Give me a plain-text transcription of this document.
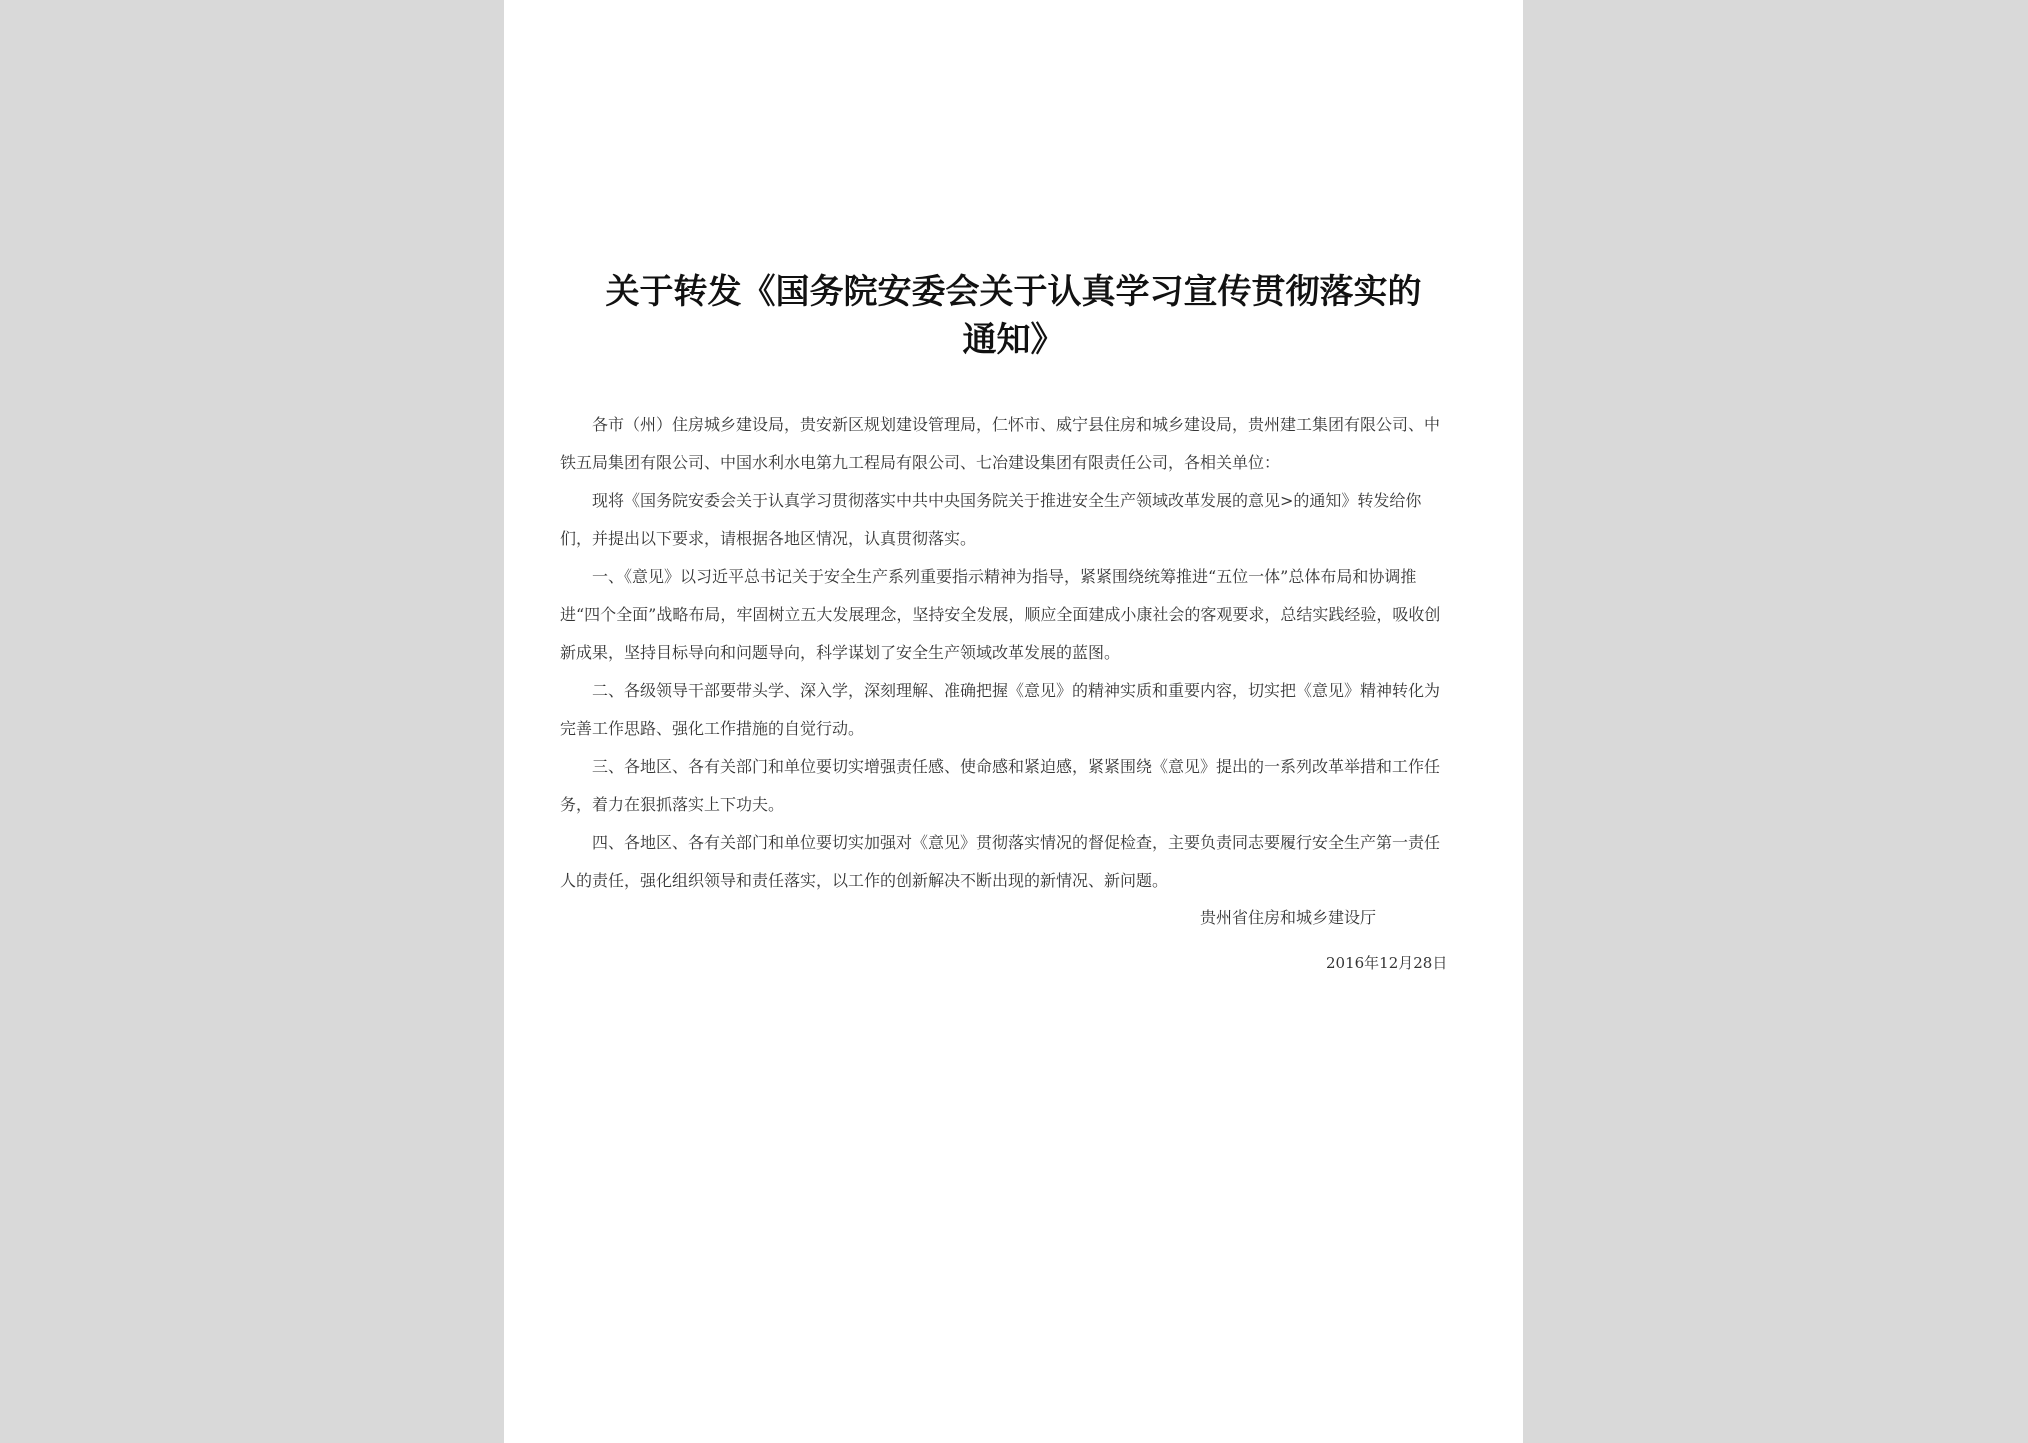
关于转发《国务院安委会关于认真学习宣传贯彻落实的
通知》

各市（州）住房城乡建设局，贵安新区规划建设管理局，仁怀市、威宁县住房和城乡建设局，贵州建工集团有限公司、中

铁五局集团有限公司、中国水利水电第九工程局有限公司、七冶建设集团有限责任公司，各相关单位：

现将《国务院安委会关于认真学习贯彻落实中共中央国务院关于推进安全生产领域改革发展的意见>的通知》转发给你

们，并提出以下要求，请根据各地区情况，认真贯彻落实。

一、《意见》以习近平总书记关于安全生产系列重要指示精神为指导，紧紧围绕统筹推进“五位一体”总体布局和协调推

进“四个全面”战略布局，牢固树立五大发展理念，坚持安全发展，顺应全面建成小康社会的客观要求，总结实践经验，吸收创

新成果，坚持目标导向和问题导向，科学谋划了安全生产领域改革发展的蓝图。

二、各级领导干部要带头学、深入学，深刻理解、准确把握《意见》的精神实质和重要内容，切实把《意见》精神转化为

完善工作思路、强化工作措施的自觉行动。

三、各地区、各有关部门和单位要切实增强责任感、使命感和紧迫感，紧紧围绕《意见》提出的一系列改革举措和工作任

务，着力在狠抓落实上下功夫。

四、各地区、各有关部门和单位要切实加强对《意见》贯彻落实情况的督促检查，主要负责同志要履行安全生产第一责任

人的责任，强化组织领导和责任落实，以工作的创新解决不断出现的新情况、新问题。

贵州省住房和城乡建设厅
2016年12月28日
